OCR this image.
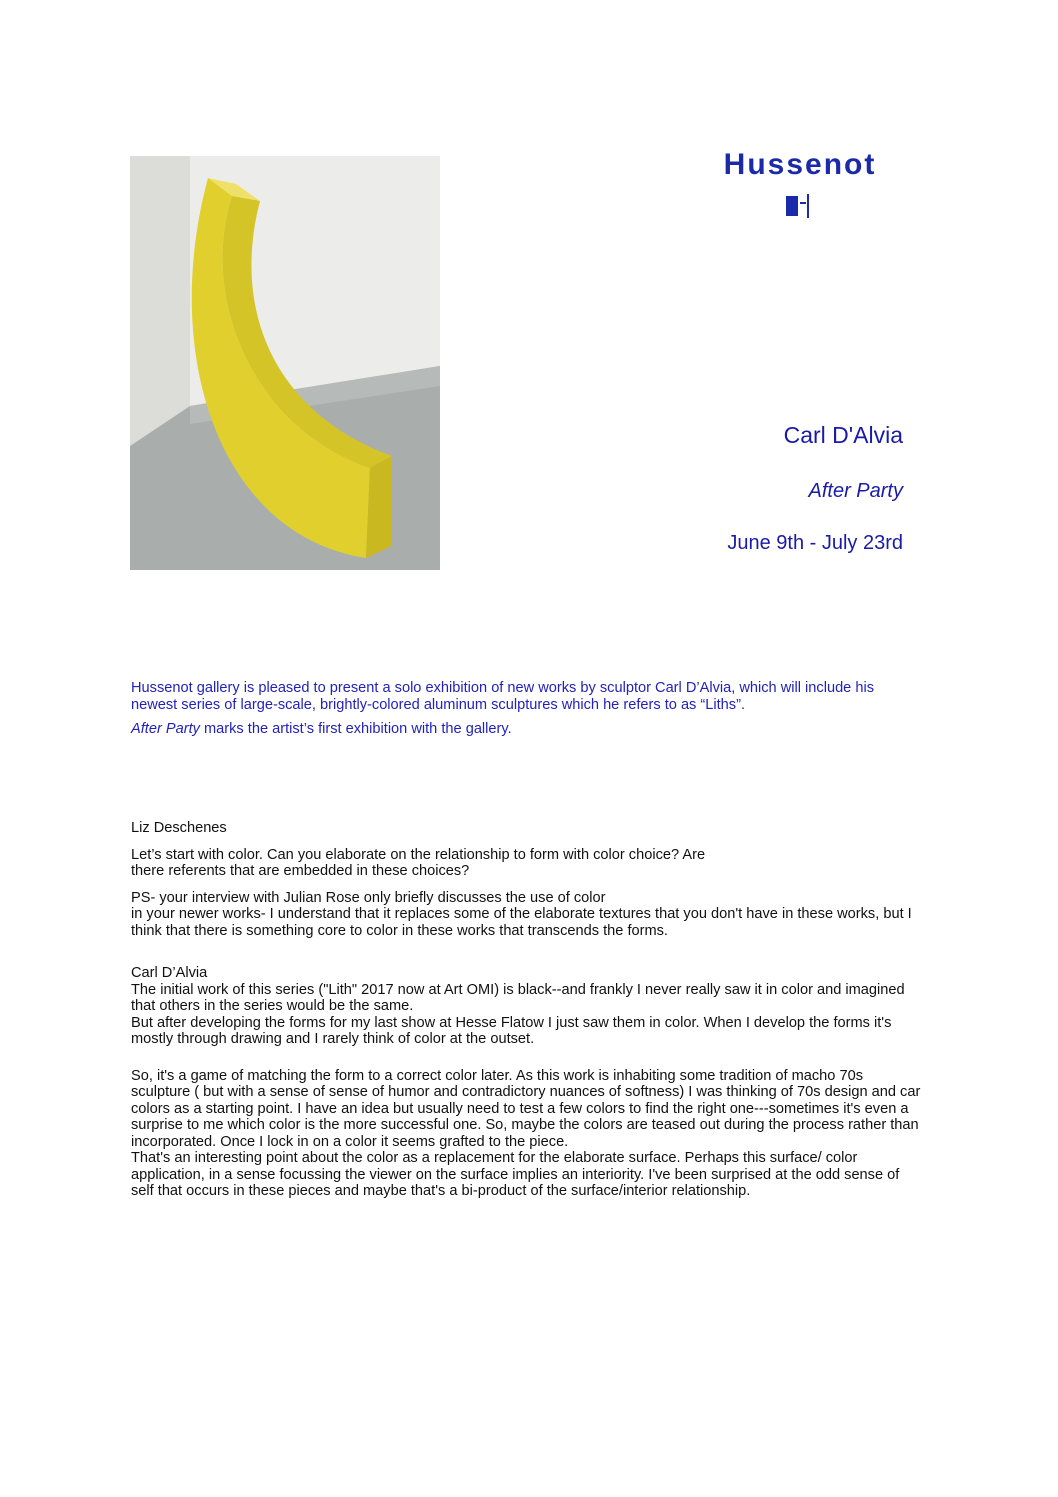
Hussenot
Carl D'Alvia
After Party
June 9th - July 23rd

Hussenot gallery is pleased to present a solo exhibition of new works by sculptor Carl D’Alvia, which will include his newest series of large-scale, brightly-colored aluminum sculptures which he refers to as “Liths”.

After Party marks the artist’s first exhibition with the gallery.

Liz Deschenes

Let’s start with color. Can you elaborate on the relationship to form with color choice? Are there referents that are embedded in these choices?

PS- your interview with Julian Rose only briefly discusses the use of color

in your newer works- I understand that it replaces some of the elaborate textures that you don't have in these works, but I think that there is something core to color in these works that transcends the forms.

Carl D’Alvia

The initial work of this series ("Lith" 2017 now at Art OMI) is black--and frankly I never really saw it in color and imagined that others in the series would be the same.

But after developing the forms for my last show at Hesse Flatow I just saw them in color. When I develop the forms it's mostly through drawing and I rarely think of color at the outset.

So, it's a game of matching the form to a correct color later. As this work is inhabiting some tradition of macho 70s sculpture ( but with a sense of sense of humor and contradictory nuances of softness) I was thinking of 70s design and car colors as a starting point. I have an idea but usually need to test a few colors to find the right one---sometimes it's even a surprise to me which color is the more successful one. So, maybe the colors are teased out during the process rather than incorporated. Once I lock in on a color it seems grafted to the piece.

That's an interesting point about the color as a replacement for the elaborate surface. Perhaps this surface/ color application, in a sense focussing the viewer on the surface implies an interiority. I've been surprised at the odd sense of self that occurs in these pieces and maybe that's a bi-product of the surface/interior relationship.
